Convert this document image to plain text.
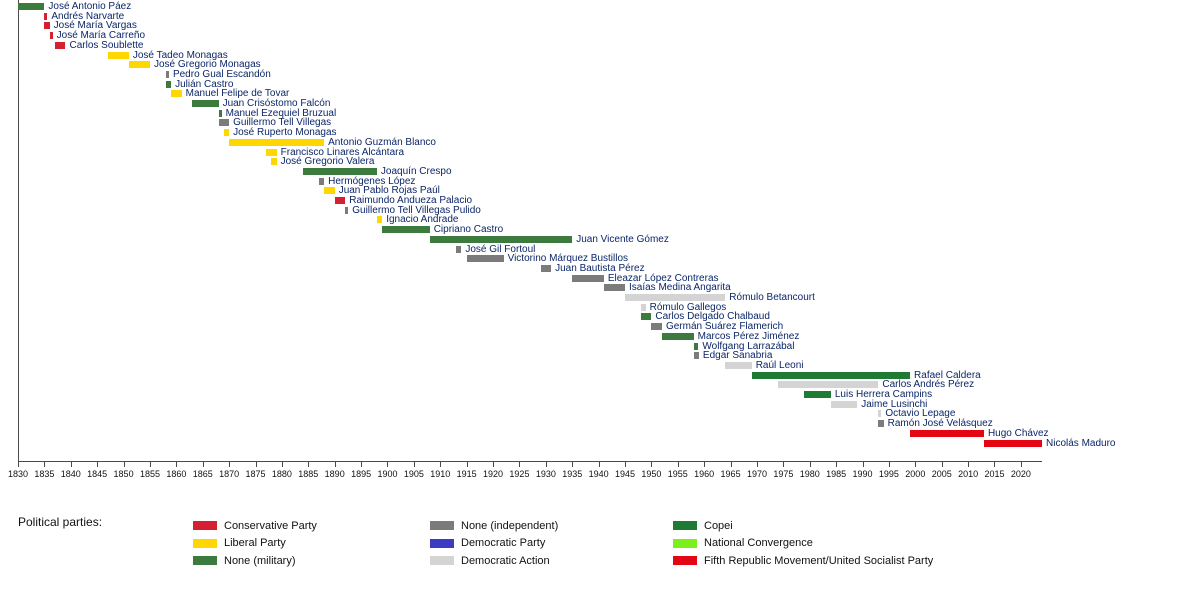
José Antonio Páez
Andrés Narvarte
José María Vargas
José María Carreño
Carlos Soublette
José Tadeo Monagas
José Gregorio Monagas
Pedro Gual Escandón
Julián Castro
Manuel Felipe de Tovar
Juan Crisóstomo Falcón
Manuel Ezequiel Bruzual
Guillermo Tell Villegas
José Ruperto Monagas
Antonio Guzmán Blanco
Francisco Linares Alcántara
José Gregorio Valera
Joaquín Crespo
Hermógenes López
Juan Pablo Rojas Paúl
Raimundo Andueza Palacio
Guillermo Tell Villegas Pulido
Ignacio Andrade
Cipriano Castro
Juan Vicente Gómez
José Gil Fortoul
Victorino Márquez Bustillos
Juan Bautista Pérez
Eleazar López Contreras
Isaías Medina Angarita
Rómulo Betancourt
Rómulo Gallegos
Carlos Delgado Chalbaud
Germán Suárez Flamerich
Marcos Pérez Jiménez
Wolfgang Larrazábal
Edgar Sanabria
Raúl Leoni
Rafael Caldera
Carlos Andrés Pérez
Luis Herrera Campins
Jaime Lusinchi
Octavio Lepage
Ramón José Velásquez
Hugo Chávez
Nicolás Maduro
1830 1835 1840 1845 1850 1855 1860 1865 1870 1875 1880 1885 1890 1895 1900 1905 1910 1915 1920 1925 1930 1935 1940 1945 1950 1955 1960 1965 1970 1975 1980 1985 1990 1995 2000 2005 2010 2015 2020
Political parties:	Conservative Party
Liberal Party
None (military)
None (independent)
Democratic Party
Democratic Action
Copei
National Convergence
Fifth Republic Movement/United Socialist Party
